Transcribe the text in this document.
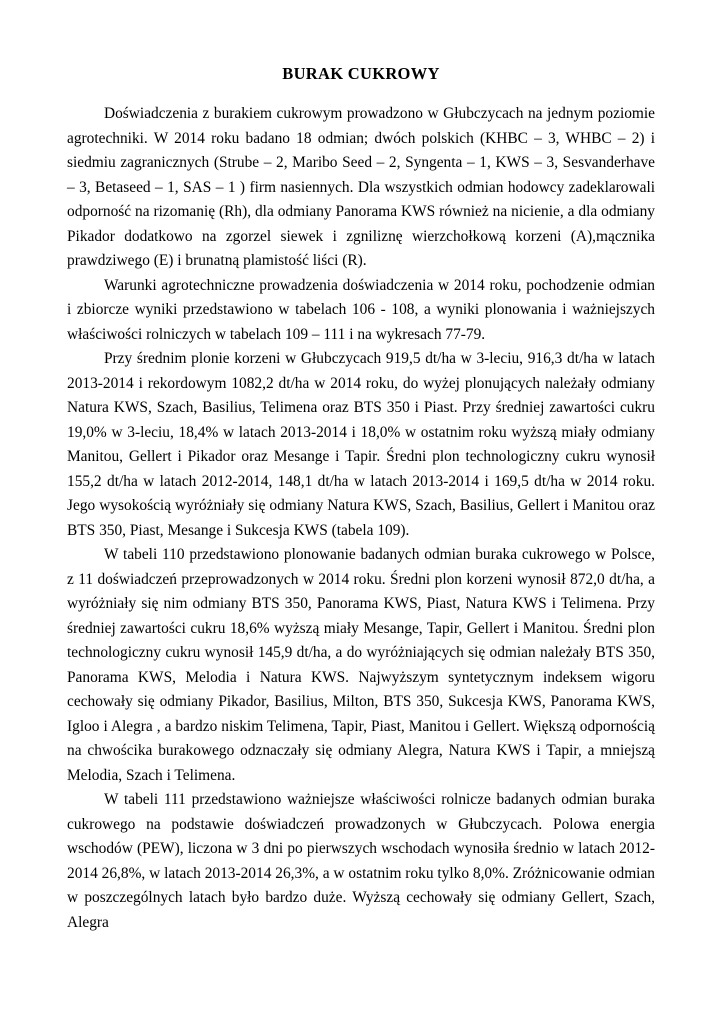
BURAK CUKROWY

Doświadczenia z burakiem cukrowym prowadzono w Głubczycach na jednym poziomie agrotechniki. W 2014 roku badano 18 odmian; dwóch polskich (KHBC – 3, WHBC – 2) i siedmiu zagranicznych (Strube – 2, Maribo Seed – 2, Syngenta – 1, KWS – 3, Sesvanderhave – 3, Betaseed – 1, SAS – 1 ) firm nasiennych. Dla wszystkich odmian hodowcy zadeklarowali odporność na rizomanię (Rh), dla odmiany Panorama KWS również na nicienie, a dla odmiany Pikador dodatkowo na zgorzel siewek i zgniliznę wierzchołkową korzeni (A),mącznika prawdziwego (E) i brunatną plamistość liści (R).

Warunki agrotechniczne prowadzenia doświadczenia w 2014 roku, pochodzenie odmian i zbiorcze wyniki przedstawiono w tabelach 106 - 108, a wyniki plonowania i ważniejszych właściwości rolniczych w tabelach 109 – 111 i na wykresach 77-79.

Przy średnim plonie korzeni w Głubczycach 919,5 dt/ha w 3-leciu, 916,3 dt/ha w latach 2013-2014 i rekordowym 1082,2 dt/ha w 2014 roku, do wyżej plonujących należały odmiany Natura KWS, Szach, Basilius, Telimena oraz BTS 350 i Piast. Przy średniej zawartości cukru 19,0% w 3-leciu, 18,4% w latach 2013-2014 i 18,0% w ostatnim roku wyższą miały odmiany Manitou, Gellert i Pikador oraz Mesange i Tapir. Średni plon technologiczny cukru wynosił 155,2 dt/ha w latach 2012-2014, 148,1 dt/ha w latach 2013-2014 i 169,5 dt/ha w 2014 roku. Jego wysokością wyróżniały się odmiany Natura KWS, Szach, Basilius, Gellert i Manitou oraz BTS 350, Piast, Mesange i Sukcesja KWS (tabela 109).

W tabeli 110 przedstawiono plonowanie badanych odmian buraka cukrowego w Polsce, z 11 doświadczeń przeprowadzonych w 2014 roku. Średni plon korzeni wynosił 872,0 dt/ha, a wyróżniały się nim odmiany BTS 350, Panorama KWS, Piast, Natura KWS i Telimena. Przy średniej zawartości cukru 18,6% wyższą miały Mesange, Tapir, Gellert i Manitou. Średni plon technologiczny cukru wynosił 145,9 dt/ha, a do wyróżniających się odmian należały BTS 350, Panorama KWS, Melodia i Natura KWS. Najwyższym syntetycznym indeksem wigoru cechowały się odmiany Pikador, Basilius, Milton, BTS 350, Sukcesja KWS, Panorama KWS, Igloo i Alegra , a bardzo niskim Telimena, Tapir, Piast, Manitou i Gellert. Większą odpornością na chwościka burakowego odznaczały się odmiany Alegra, Natura KWS i Tapir, a mniejszą Melodia, Szach i Telimena.

W tabeli 111 przedstawiono ważniejsze właściwości rolnicze badanych odmian buraka cukrowego na podstawie doświadczeń prowadzonych w Głubczycach. Polowa energia wschodów (PEW), liczona w 3 dni po pierwszych wschodach wynosiła średnio w latach 2012-2014 26,8%, w latach 2013-2014 26,3%, a w ostatnim roku tylko 8,0%. Zróżnicowanie odmian w poszczególnych latach było bardzo duże. Wyższą cechowały się odmiany Gellert, Szach, Alegra
